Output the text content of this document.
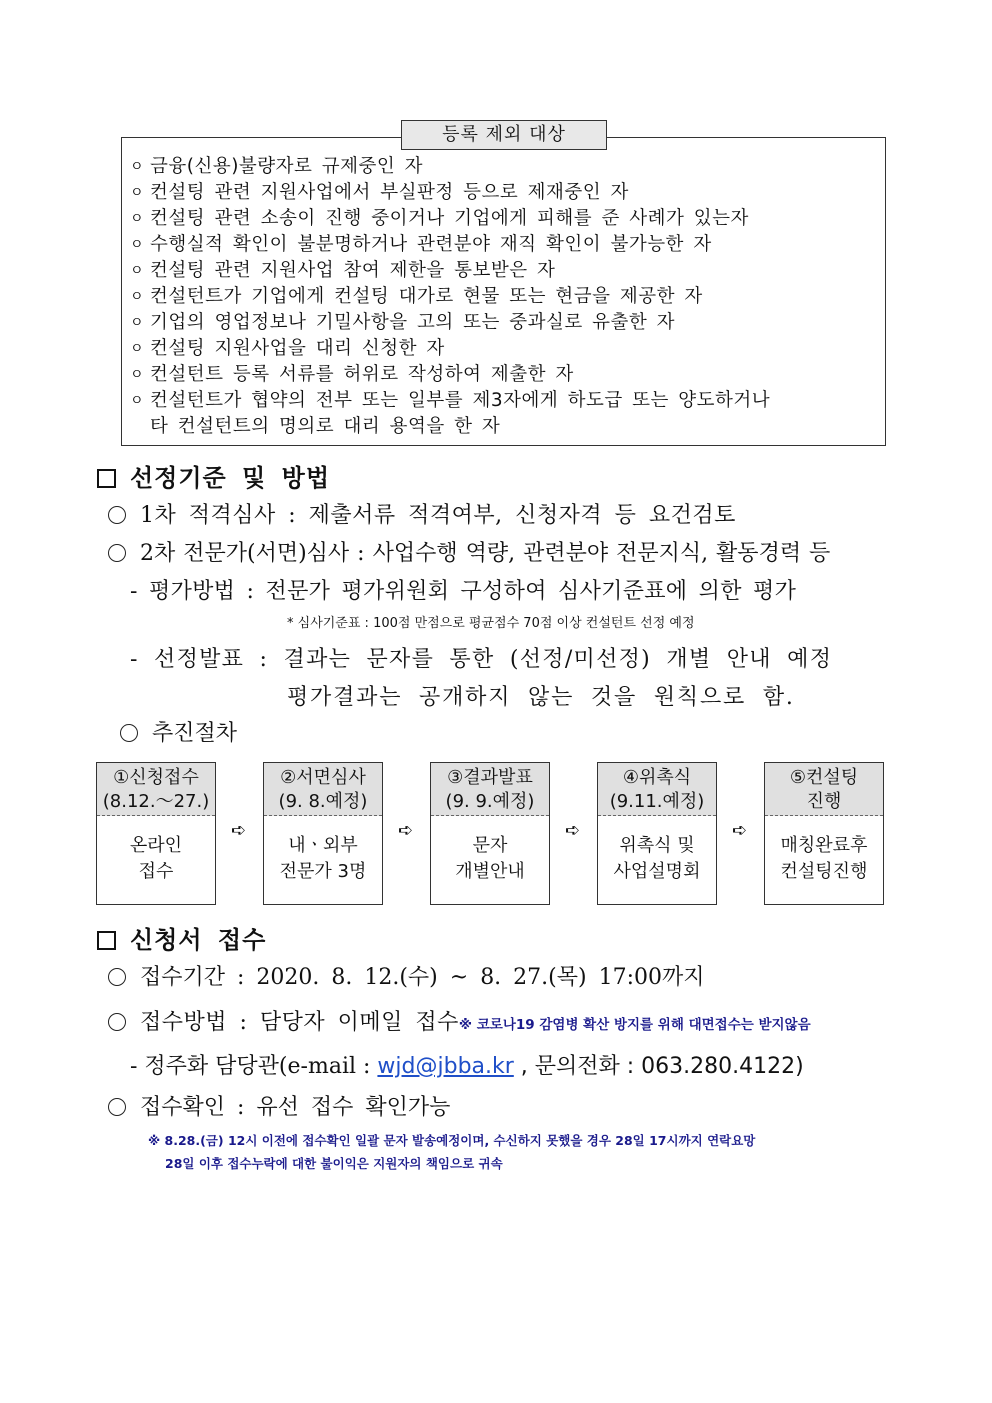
등록 제외 대상
ㅇ 금융(신용)불량자로 규제중인 자
ㅇ 컨설팅 관련 지원사업에서 부실판정 등으로 제재중인 자
ㅇ 컨설팅 관련 소송이 진행 중이거나 기업에게 피해를 준 사례가 있는자
ㅇ 수행실적 확인이 불분명하거나 관련분야 재직 확인이 불가능한 자
ㅇ 컨설팅 관련 지원사업 참여 제한을 통보받은 자
ㅇ 컨설턴트가 기업에게 컨설팅 대가로 현물 또는 현금을 제공한 자
ㅇ 기업의 영업정보나 기밀사항을 고의 또는 중과실로 유출한 자
ㅇ 컨설팅 지원사업을 대리 신청한 자
ㅇ 컨설턴트 등록 서류를 허위로 작성하여 제출한 자
ㅇ 컨설턴트가 협약의 전부 또는 일부를 제3자에게 하도급 또는 양도하거나
타 컨설턴트의 명의로 대리 용역을 한 자
선정기준 및 방법
1차 적격심사 : 제출서류 적격여부, 신청자격 등 요건검토
2차 전문가(서면)심사 : 사업수행 역량, 관련분야 전문지식, 활동경력 등
- 평가방법 : 전문가 평가위원회 구성하여 심사기준표에 의한 평가
* 심사기준표 : 100점 만점으로 평균점수 70점 이상 컨설턴트 선정 예정
- 선정발표 : 결과는 문자를 통한 (선정/미선정) 개별 안내 예정
평가결과는 공개하지 않는 것을 원칙으로 함.
추진절차
①신청접수
(8.12.～27.)
온라인
접수
➪
②서면심사
(9. 8.예정)
내ㆍ외부
전문가 3명
➪
③결과발표
(9. 9.예정)
문자
개별안내
➪
④위촉식
(9.11.예정)
위촉식 및
사업설명회
➪
⑤컨설팅
진행
매칭완료후
컨설팅진행
신청서 접수
접수기간 : 2020. 8. 12.(수) ~ 8. 27.(목) 17:00까지
접수방법 : 담당자 이메일 접수※ 코로나19 감염병 확산 방지를 위해 대면접수는 받지않음
- 정주화 담당관(e-mail : wjd@jbba.kr , 문의전화 : 063.280.4122)
접수확인 : 유선 접수 확인가능
※ 8.28.(금) 12시 이전에 접수확인 일괄 문자 발송예정이며, 수신하지 못했을 경우 28일 17시까지 연락요망
28일 이후 접수누락에 대한 불이익은 지원자의 책임으로 귀속
